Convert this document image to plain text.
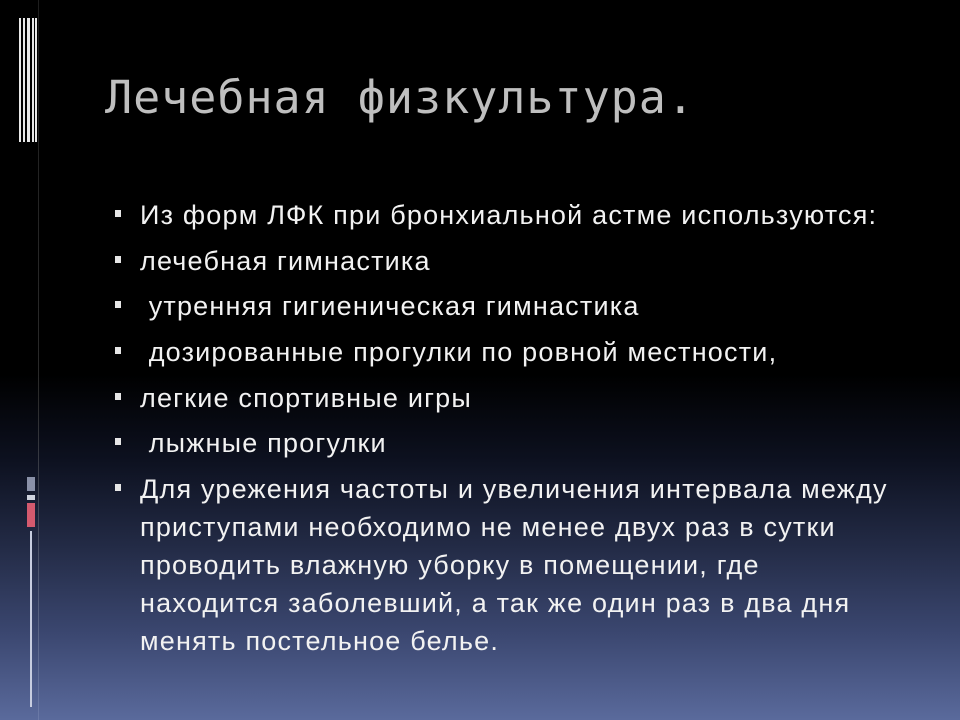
Лечебная физкультура.
Из форм ЛФК при бронхиальной астме используются:
лечебная гимнастика
утренняя гигиеническая гимнастика
дозированные прогулки по ровной местности,
легкие спортивные игры
лыжные прогулки
Для урежения частоты и увеличения интервала между
приступами необходимо не менее двух раз в сутки
проводить влажную уборку в помещении, где
находится заболевший, а так же один раз в два дня
менять постельное белье.
